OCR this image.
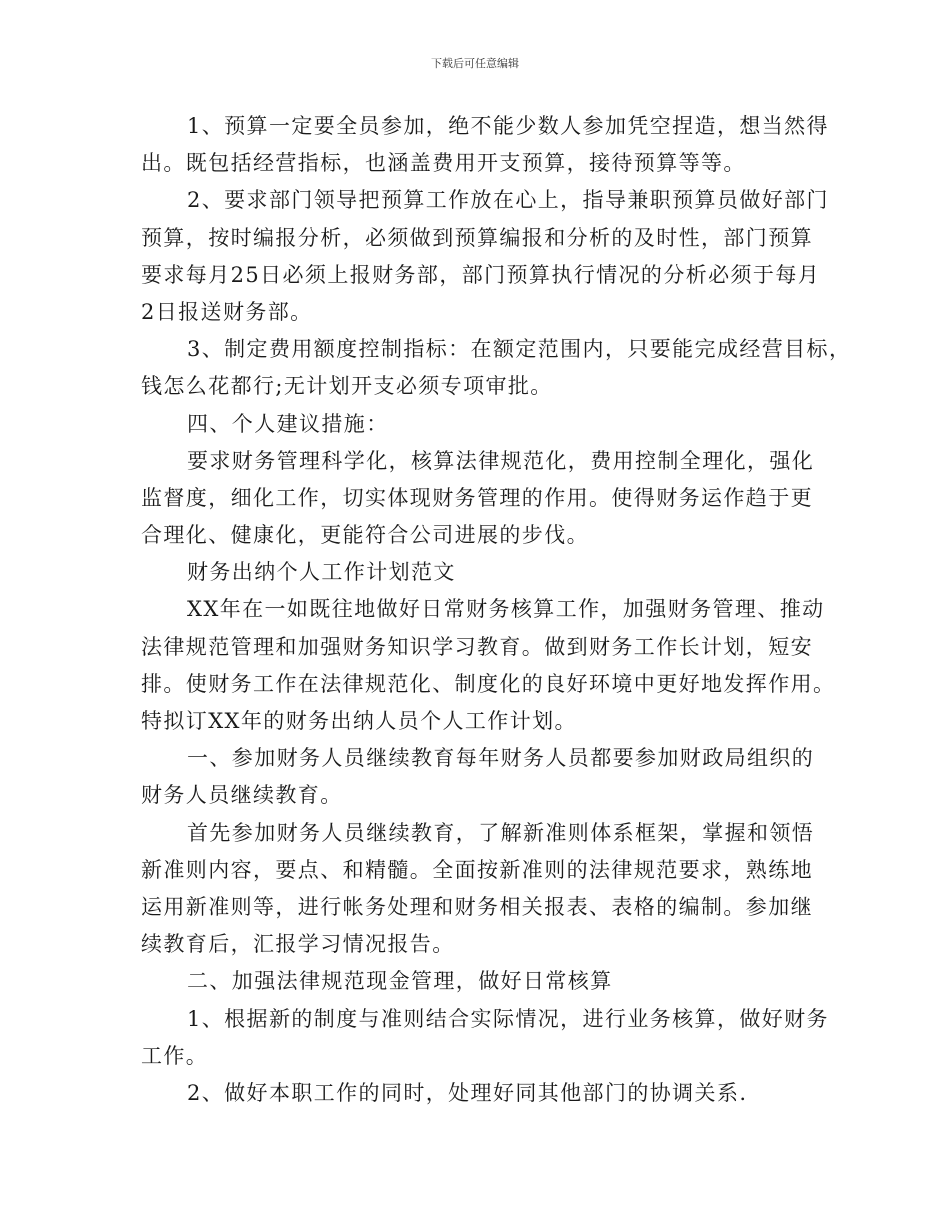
下载后可任意编辑
1、预算一定要全员参加，绝不能少数人参加凭空捏造，想当然得
出。既包括经营指标，也涵盖费用开支预算，接待预算等等。
2、要求部门领导把预算工作放在心上，指导兼职预算员做好部门
预算，按时编报分析，必须做到预算编报和分析的及时性，部门预算
要求每月25日必须上报财务部，部门预算执行情况的分析必须于每月
2日报送财务部。
3、制定费用额度控制指标：在额定范围内，只要能完成经营目标，
钱怎么花都行;无计划开支必须专项审批。
四、个人建议措施：
要求财务管理科学化，核算法律规范化，费用控制全理化，强化
监督度，细化工作，切实体现财务管理的作用。使得财务运作趋于更
合理化、健康化，更能符合公司进展的步伐。
财务出纳个人工作计划范文
XX年在一如既往地做好日常财务核算工作，加强财务管理、推动
法律规范管理和加强财务知识学习教育。做到财务工作长计划，短安
排。使财务工作在法律规范化、制度化的良好环境中更好地发挥作用。
特拟订XX年的财务出纳人员个人工作计划。
一、参加财务人员继续教育每年财务人员都要参加财政局组织的
财务人员继续教育。
首先参加财务人员继续教育，了解新准则体系框架，掌握和领悟
新准则内容，要点、和精髓。全面按新准则的法律规范要求，熟练地
运用新准则等，进行帐务处理和财务相关报表、表格的编制。参加继
续教育后，汇报学习情况报告。
二、加强法律规范现金管理，做好日常核算
1、根据新的制度与准则结合实际情况，进行业务核算，做好财务
工作。
2、做好本职工作的同时，处理好同其他部门的协调关系.
